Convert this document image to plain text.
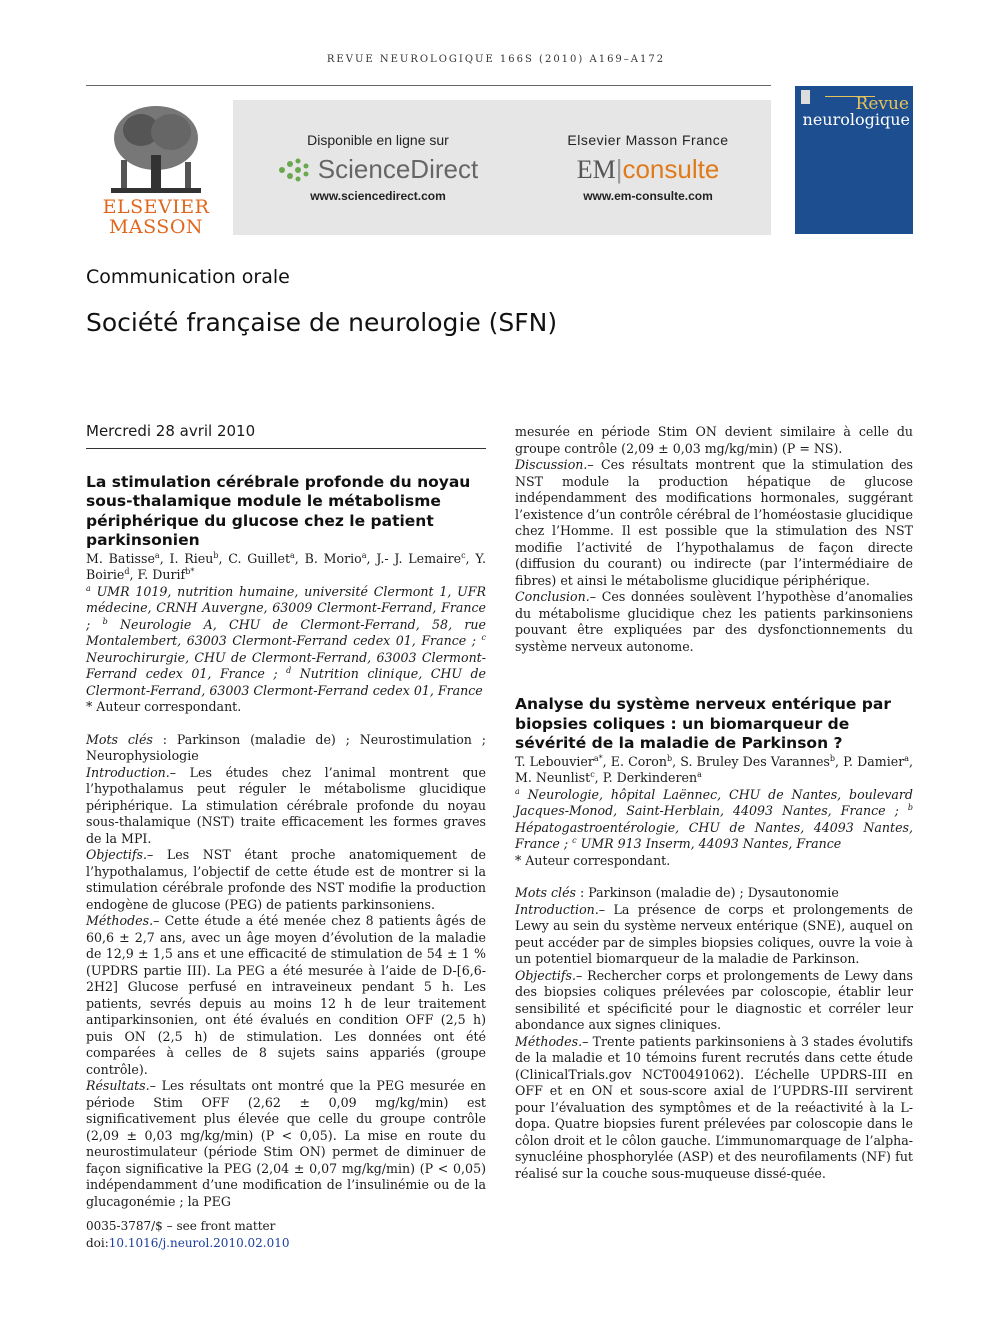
REVUE NEUROLOGIQUE 166S (2010) A169–A172
ELSEVIER MASSON
Disponible en ligne sur
ScienceDirect
www.sciencedirect.com
Elsevier Masson France
EM|consulte
www.em-consulte.com
Revue
neurologique
Communication orale
Société française de neurologie (SFN)
Mercredi 28 avril 2010
La stimulation cérébrale profonde du noyau sous-thalamique module le métabolisme périphérique du glucose chez le patient parkinsonien

M. Batisse$^a$, I. Rieu$^b$, C. Guillet$^a$, B. Morio$^a$, J.- J. Lemaire$^c$, Y. Boirie$^d$, F. Durif$^{b*}$

$^a$ UMR 1019, nutrition humaine, université Clermont 1, UFR médecine, CRNH Auvergne, 63009 Clermont-Ferrand, France ; $^b$ Neurologie A, CHU de Clermont-Ferrand, 58, rue Montalembert, 63003 Clermont-Ferrand cedex 01, France ; $^c$ Neurochirurgie, CHU de Clermont-Ferrand, 63003 Clermont-Ferrand cedex 01, France ; $^d$ Nutrition clinique, CHU de Clermont-Ferrand, 63003 Clermont-Ferrand cedex 01, France

* Auteur correspondant.

Mots clés : Parkinson (maladie de) ; Neurostimulation ; Neurophysiologie

Introduction.– Les études chez l’animal montrent que l’hypothalamus peut réguler le métabolisme glucidique périphérique. La stimulation cérébrale profonde du noyau sous-thalamique (NST) traite efficacement les formes graves de la MPI.

Objectifs.– Les NST étant proche anatomiquement de l’hypothalamus, l’objectif de cette étude est de montrer si la stimulation cérébrale profonde des NST modifie la production endogène de glucose (PEG) de patients parkinsoniens.

Méthodes.– Cette étude a été menée chez 8 patients âgés de 60,6 ± 2,7 ans, avec un âge moyen d’évolution de la maladie de 12,9 ± 1,5 ans et une efficacité de stimulation de 54 ± 1 % (UPDRS partie III). La PEG a été mesurée à l’aide de D-[6,6-2H2] Glucose perfusé en intraveineux pendant 5 h. Les patients, sevrés depuis au moins 12 h de leur traitement antiparkinsonien, ont été évalués en condition OFF (2,5 h) puis ON (2,5 h) de stimulation. Les données ont été comparées à celles de 8 sujets sains appariés (groupe contrôle).

Résultats.– Les résultats ont montré que la PEG mesurée en période Stim OFF (2,62 ± 0,09 mg/kg/min) est significativement plus élevée que celle du groupe contrôle (2,09 ± 0,03 mg/kg/min) (P < 0,05). La mise en route du neurostimulateur (période Stim ON) permet de diminuer de façon significative la PEG (2,04 ± 0,07 mg/kg/min) (P < 0,05) indépendamment d’une modification de l’insulinémie ou de la glucagonémie ; la PEG

mesurée en période Stim ON devient similaire à celle du groupe contrôle (2,09 ± 0,03 mg/kg/min) (P = NS).

Discussion.– Ces résultats montrent que la stimulation des NST module la production hépatique de glucose indépendamment des modifications hormonales, suggérant l’existence d’un contrôle cérébral de l’homéostasie glucidique chez l’Homme. Il est possible que la stimulation des NST modifie l’activité de l’hypothalamus de façon directe (diffusion du courant) ou indirecte (par l’intermédiaire de fibres) et ainsi le métabolisme glucidique périphérique.

Conclusion.– Ces données soulèvent l’hypothèse d’anomalies du métabolisme glucidique chez les patients parkinsoniens pouvant être expliquées par des dysfonctionnements du système nerveux autonome.

Analyse du système nerveux entérique par biopsies coliques : un biomarqueur de sévérité de la maladie de Parkinson ?

T. Lebouvier$^{a*}$, E. Coron$^b$, S. Bruley Des Varannes$^b$, P. Damier$^a$, M. Neunlist$^c$, P. Derkinderen$^a$

$^a$ Neurologie, hôpital Laënnec, CHU de Nantes, boulevard Jacques-Monod, Saint-Herblain, 44093 Nantes, France ; $^b$ Hépatogastroentérologie, CHU de Nantes, 44093 Nantes, France ; $^c$ UMR 913 Inserm, 44093 Nantes, France

* Auteur correspondant.

Mots clés : Parkinson (maladie de) ; Dysautonomie

Introduction.– La présence de corps et prolongements de Lewy au sein du système nerveux entérique (SNE), auquel on peut accéder par de simples biopsies coliques, ouvre la voie à un potentiel biomarqueur de la maladie de Parkinson.

Objectifs.– Rechercher corps et prolongements de Lewy dans des biopsies coliques prélevées par coloscopie, établir leur sensibilité et spécificité pour le diagnostic et corréler leur abondance aux signes cliniques.

Méthodes.– Trente patients parkinsoniens à 3 stades évolutifs de la maladie et 10 témoins furent recrutés dans cette étude (ClinicalTrials.gov NCT00491062). L’échelle UPDRS-III en OFF et en ON et sous-score axial de l’UPDRS-III servirent pour l’évaluation des symptômes et de la reéactivité à la L-dopa. Quatre biopsies furent prélevées par coloscopie dans le côlon droit et le côlon gauche. L’immunomarquage de l’alpha-synucléine phosphorylée (ASP) et des neurofilaments (NF) fut réalisé sur la couche sous-muqueuse dissé-quée.

0035-3787/$ – see front matter
doi:10.1016/j.neurol.2010.02.010
